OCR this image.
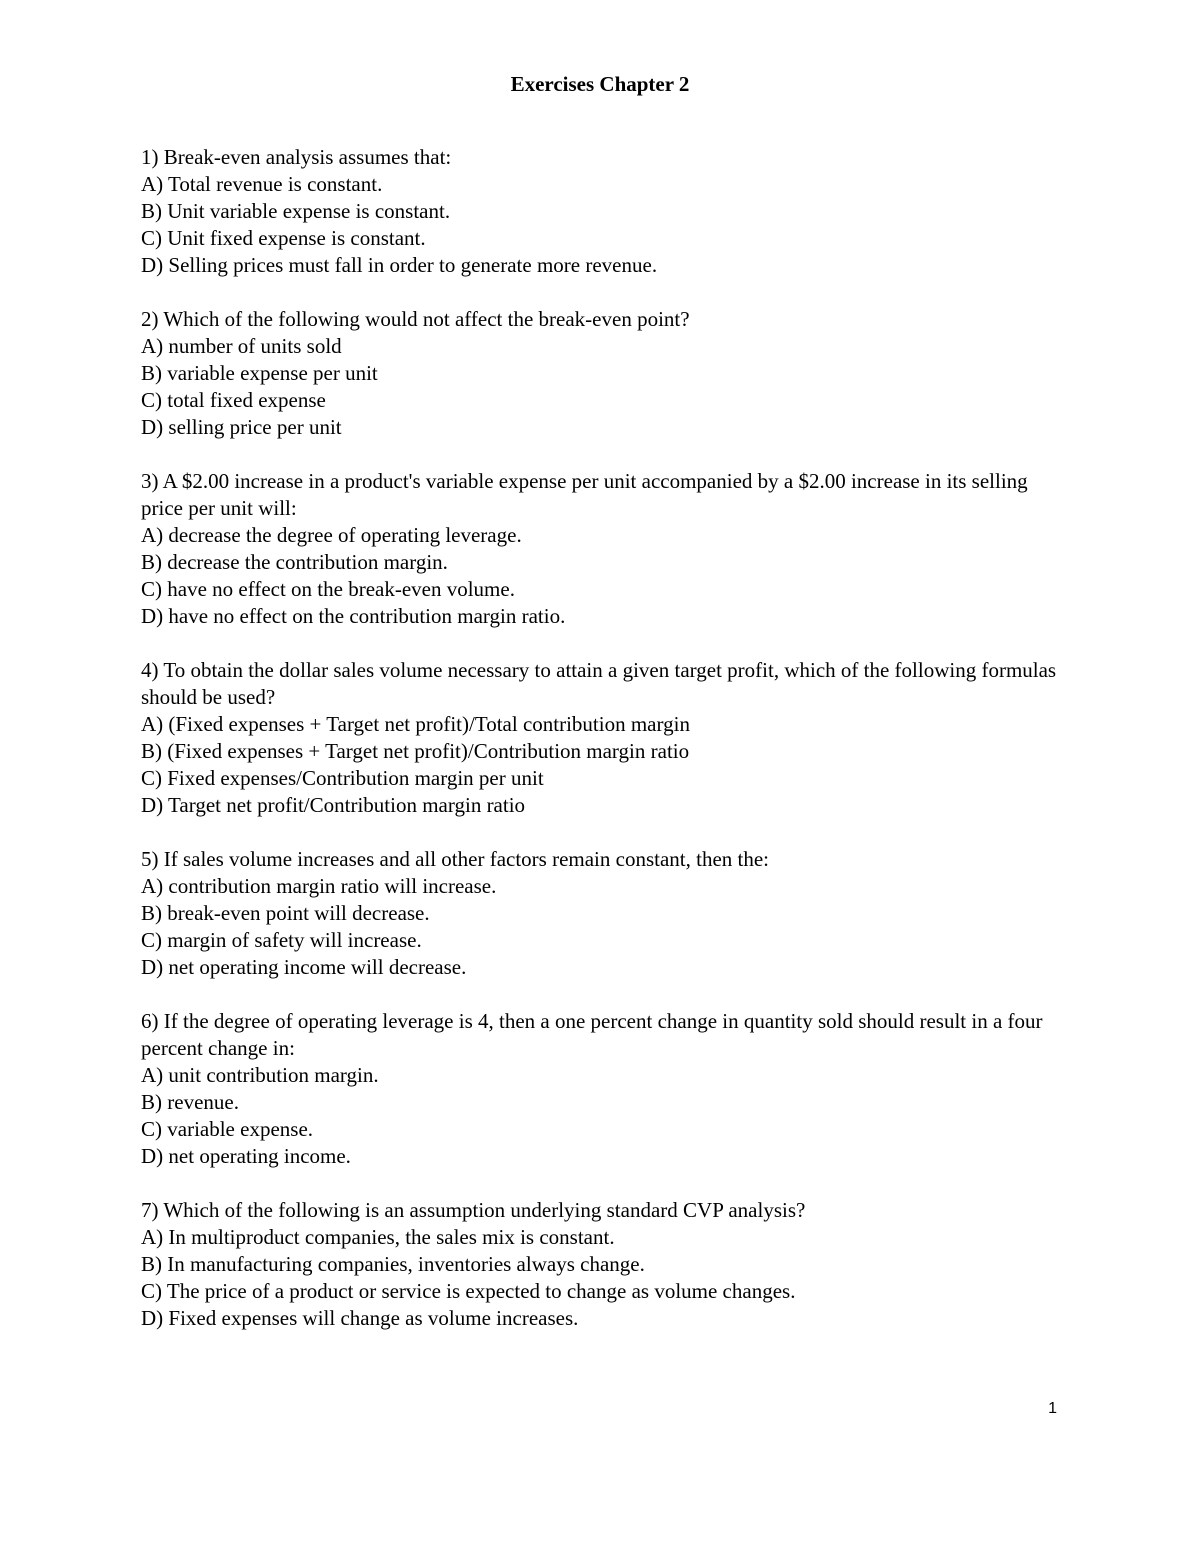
Exercises Chapter 2

1) Break-even analysis assumes that:

A) Total revenue is constant.

B) Unit variable expense is constant.

C) Unit fixed expense is constant.

D) Selling prices must fall in order to generate more revenue.

2) Which of the following would not affect the break-even point?

A) number of units sold

B) variable expense per unit

C) total fixed expense

D) selling price per unit

3) A $2.00 increase in a product's variable expense per unit accompanied by a $2.00 increase in its selling price per unit will:

A) decrease the degree of operating leverage.

B) decrease the contribution margin.

C) have no effect on the break-even volume.

D) have no effect on the contribution margin ratio.

4) To obtain the dollar sales volume necessary to attain a given target profit, which of the following formulas should be used?

A) (Fixed expenses + Target net profit)/Total contribution margin

B) (Fixed expenses + Target net profit)/Contribution margin ratio

C) Fixed expenses/Contribution margin per unit

D) Target net profit/Contribution margin ratio

5) If sales volume increases and all other factors remain constant, then the:

A) contribution margin ratio will increase.

B) break-even point will decrease.

C) margin of safety will increase.

D) net operating income will decrease.

6) If the degree of operating leverage is 4, then a one percent change in quantity sold should result in a four percent change in:

A) unit contribution margin.

B) revenue.

C) variable expense.

D) net operating income.

7) Which of the following is an assumption underlying standard CVP analysis?

A) In multiproduct companies, the sales mix is constant.

B) In manufacturing companies, inventories always change.

C) The price of a product or service is expected to change as volume changes.

D) Fixed expenses will change as volume increases.

1
